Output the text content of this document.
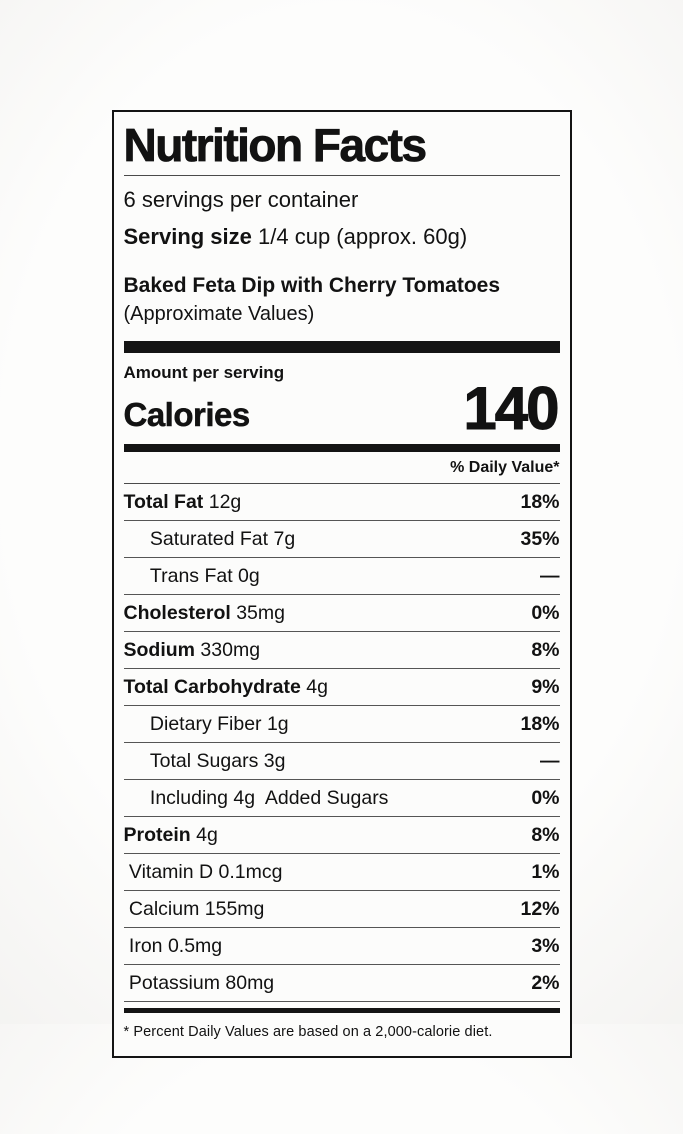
Nutrition Facts
6 servings per container
Serving size 1/4 cup (approx. 60g)
Baked Feta Dip with Cherry Tomatoes
(Approximate Values)
Amount per serving
Calories	140
% Daily Value*
Total Fat 12g	18%
Saturated Fat 7g	35%
Trans Fat 0g	—
Cholesterol 35mg	0%
Sodium 330mg	8%
Total Carbohydrate 4g	9%
Dietary Fiber 1g	18%
Total Sugars 3g	—
Including 4g  Added Sugars	0%
Protein 4g	8%
Vitamin D 0.1mcg	1%
Calcium 155mg	12%
Iron 0.5mg	3%
Potassium 80mg	2%
* Percent Daily Values are based on a 2,000-calorie diet.
